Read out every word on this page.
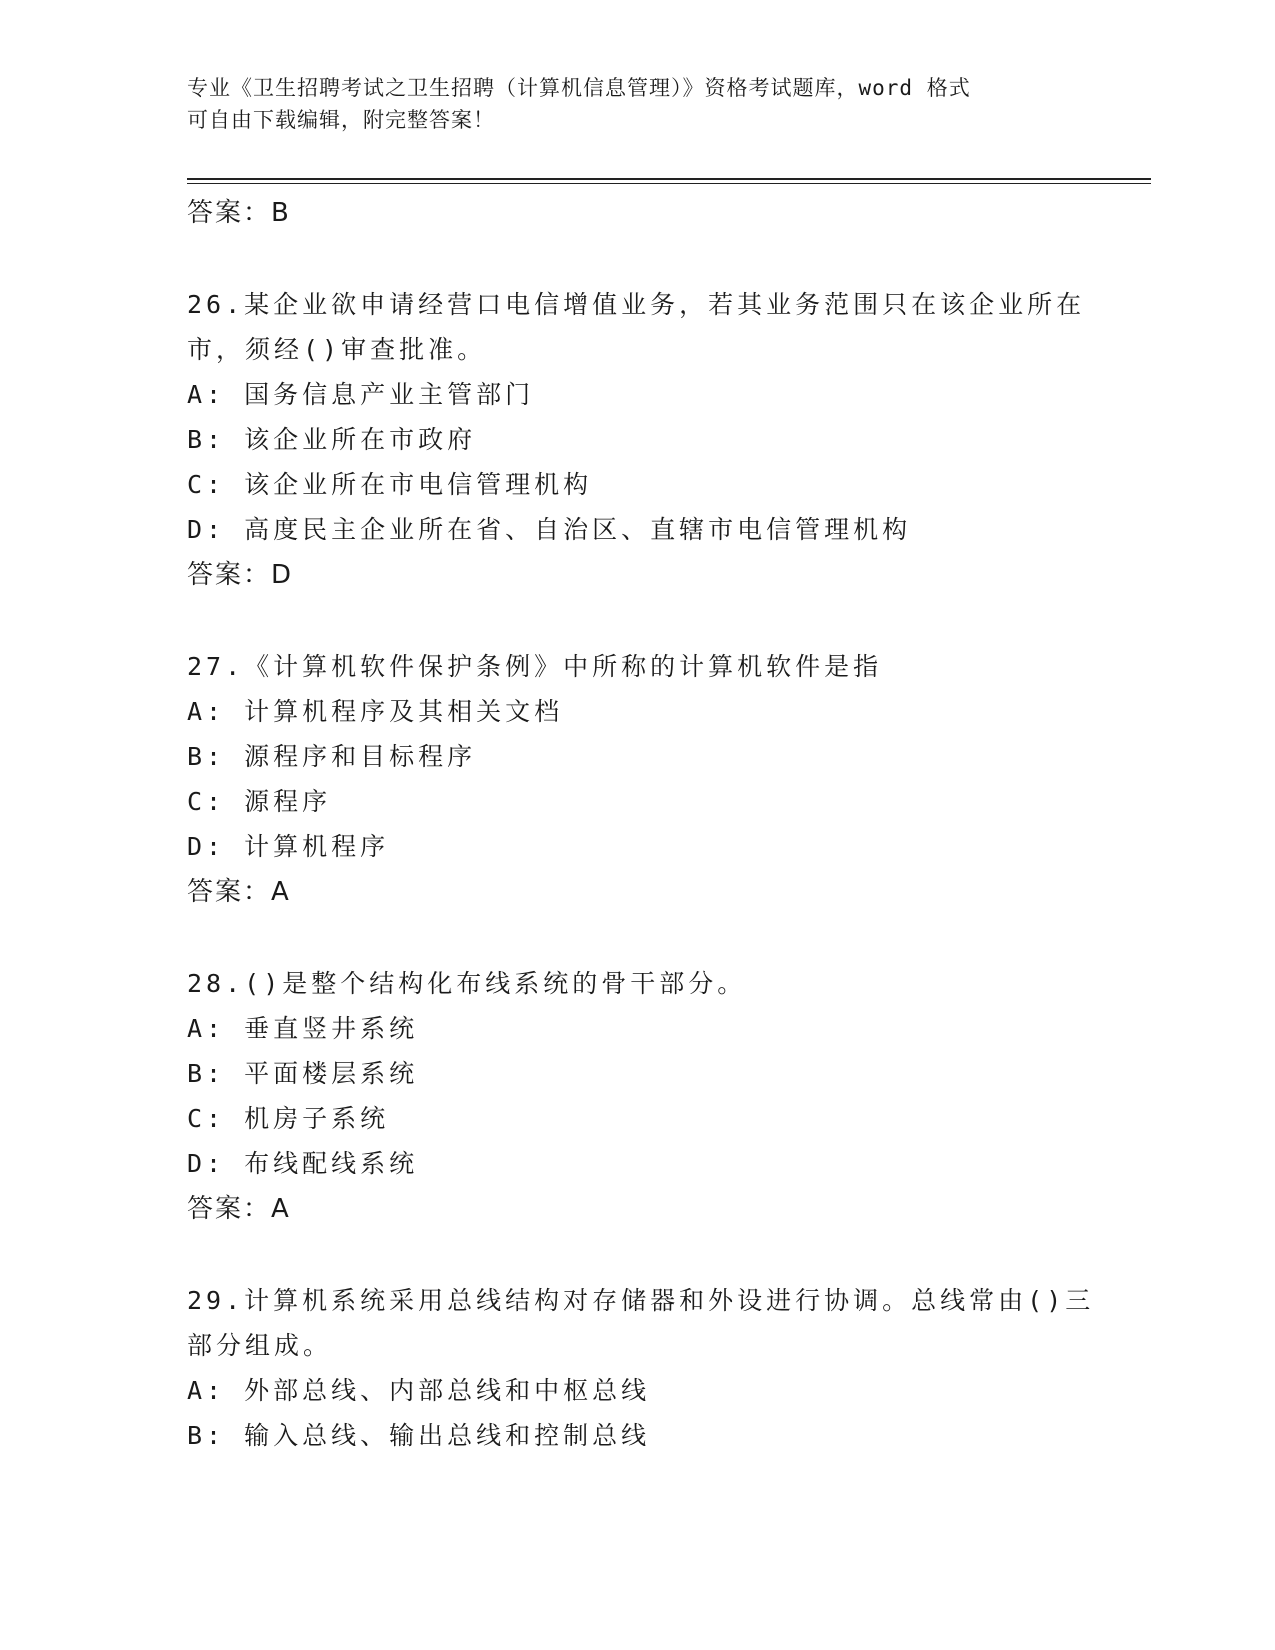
专业《卫生招聘考试之卫生招聘（计算机信息管理）》资格考试题库，word 格式
可自由下载编辑，附完整答案！
答案：B
26.某企业欲申请经营口电信增值业务，若其业务范围只在该企业所在
市，须经()审查批准。
A: 国务信息产业主管部门
B: 该企业所在市政府
C: 该企业所在市电信管理机构
D: 高度民主企业所在省、自治区、直辖市电信管理机构
答案：D
27.《计算机软件保护条例》中所称的计算机软件是指
A: 计算机程序及其相关文档
B: 源程序和目标程序
C: 源程序
D: 计算机程序
答案：A
28.()是整个结构化布线系统的骨干部分。
A: 垂直竖井系统
B: 平面楼层系统
C: 机房子系统
D: 布线配线系统
答案：A
29.计算机系统采用总线结构对存储器和外设进行协调。总线常由()三
部分组成。
A: 外部总线、内部总线和中枢总线
B: 输入总线、输出总线和控制总线
